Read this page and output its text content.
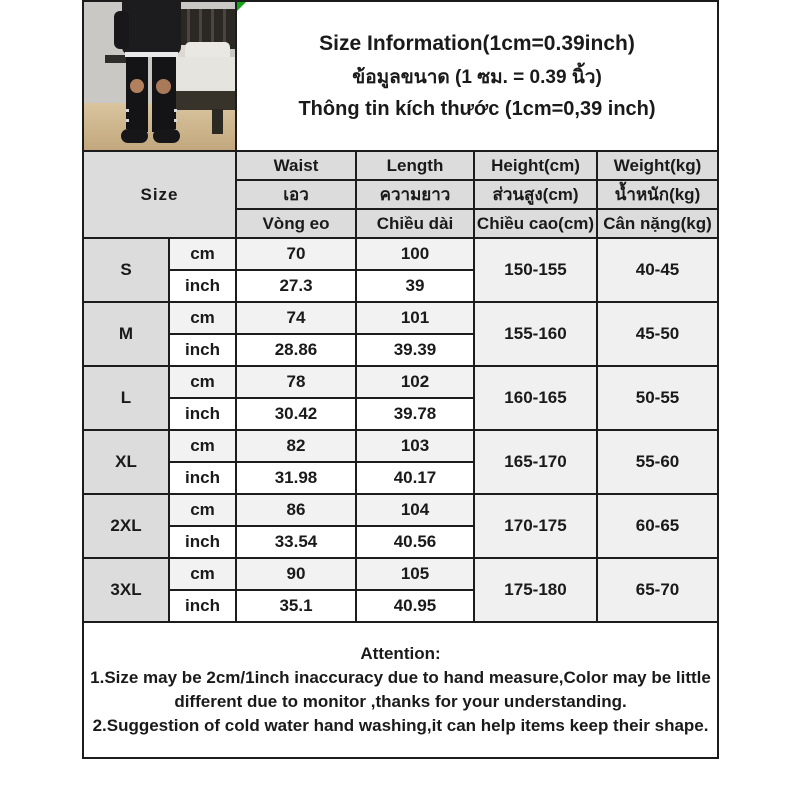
		Size Information(1cm=0.39inch)
ข้อมูลขนาด (1 ซม. = 0.39 นิ้ว)
Thông tin kích thước (1cm=0,39 inch)			

Size		Waist	Length	Height(cm)	Weight(kg)
		เอว	ความยาว	ส่วนสูง(cm)	น้ำหนัก(kg)
		Vòng eo	Chiều dài	Chiều cao(cm)	Cân nặng(kg)
S	cm	70	100	150-155	40-45
	inch	27.3	39		
M	cm	74	101	155-160	45-50
	inch	28.86	39.39		
L	cm	78	102	160-165	50-55
	inch	30.42	39.78		
XL	cm	82	103	165-170	55-60
	inch	31.98	40.17		
2XL	cm	86	104	170-175	60-65
	inch	33.54	40.56		
3XL	cm	90	105	175-180	65-70
	inch	35.1	40.95		

Attention:
1.Size may be 2cm/1inch inaccuracy due to hand measure,Color may be little different due to monitor ,thanks for your understanding.
2.Suggestion of cold water hand washing,it can help items keep their shape.					
